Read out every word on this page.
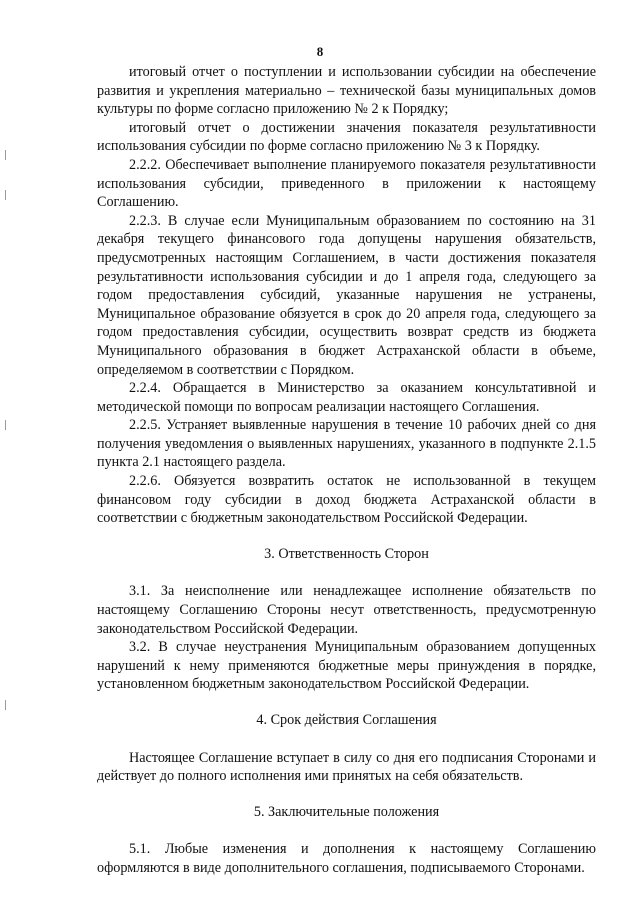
8

итоговый отчет о поступлении и использовании субсидии на обеспечение развития и укрепления материально – технической базы муниципальных домов культуры по форме согласно приложению № 2 к Порядку;

итоговый отчет о достижении значения показателя результативности использования субсидии по форме согласно приложению № 3 к Порядку.

2.2.2. Обеспечивает выполнение планируемого показателя результативности использования субсидии, приведенного в приложении к настоящему Соглашению.

2.2.3. В случае если Муниципальным образованием по состоянию на 31 декабря текущего финансового года допущены нарушения обязательств, предусмотренных настоящим Соглашением, в части достижения показателя результативности использования субсидии и до 1 апреля года, следующего за годом предоставления субсидий, указанные нарушения не устранены, Муниципальное образование обязуется в срок до 20 апреля года, следующего за годом предоставления субсидии, осуществить возврат средств из бюджета Муниципального образования в бюджет Астраханской области в объеме, определяемом в соответствии с Порядком.

2.2.4. Обращается в Министерство за оказанием консультативной и методической помощи по вопросам реализации настоящего Соглашения.

2.2.5. Устраняет выявленные нарушения в течение 10 рабочих дней со дня получения уведомления о выявленных нарушениях, указанного в подпункте 2.1.5 пункта 2.1 настоящего раздела.

2.2.6. Обязуется возвратить остаток не использованной в текущем финансовом году субсидии в доход бюджета Астраханской области в соответствии с бюджетным законодательством Российской Федерации.

3. Ответственность Сторон

3.1. За неисполнение или ненадлежащее исполнение обязательств по настоящему Соглашению Стороны несут ответственность, предусмотренную законодательством Российской Федерации.

3.2. В случае неустранения Муниципальным образованием допущенных нарушений к нему применяются бюджетные меры принуждения в порядке, установленном бюджетным законодательством Российской Федерации.

4. Срок действия Соглашения

Настоящее Соглашение вступает в силу со дня его подписания Сторонами и действует до полного исполнения ими принятых на себя обязательств.

5. Заключительные положения

5.1. Любые изменения и дополнения к настоящему Соглашению оформляются в виде дополнительного соглашения, подписываемого Сторонами.
